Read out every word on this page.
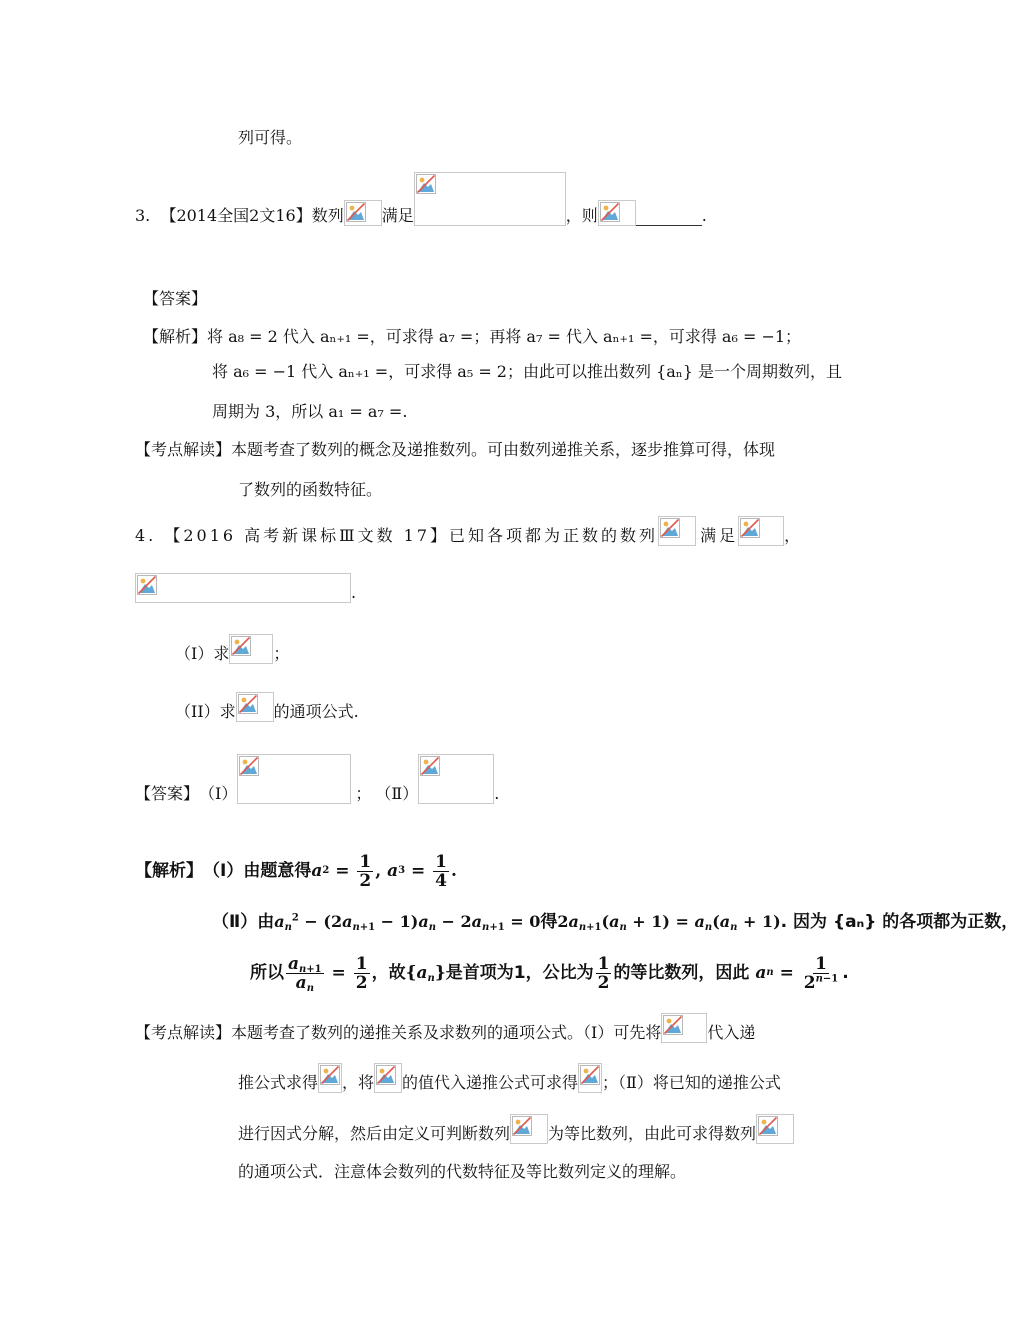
列可得。
3.
【2014全国2文16】 数列 满足	，则	.
【答案】
【解析】将 a₈ = 2 代入 aₙ₊₁ =，可求得 a₇ =；再将 a₇ = 代入 aₙ₊₁ =，可求得 a₆ = −1；
将 a₆ = −1 代入 aₙ₊₁ =，可求得 a₅ = 2；由此可以推出数列 {aₙ} 是一个周期数列，且
周期为 3，所以 a₁ = a₇ =.
【考点解读】本题考查了数列的概念及递推数列。可由数列递推关系，逐步推算可得，体现
了数列的函数特征。
4.
【2016 高考新课标Ⅲ文数 17】 已知各项都为正数的数列	满足	，
.
（I）求	；
（II）求 的通项公式.
【答案】 （Ⅰ）	； （Ⅱ）	.
【解析】 （Ⅰ）由题意得 a $2 = \frac{1}{2}$ , a $3 = \frac{1}{4}$ .
（Ⅱ）由 $a_n^2 - (2a_{n+1} - 1)a_n - 2a_{n+1} = 0$ 得 $2a_{n+1}(a_n + 1) = a_n(a_n + 1)$ . 因为 {aₙ} 的各项都为正数，
所以 $\frac{a_{n+1}}{a_n} = \frac{1}{2}$ ，故 $\{a_n\}$ 是首项为1，公比为 $\frac{1}{2}$ 的等比数列，因此
a $n = \frac{1}{2^{n-1}}$ .
【考点解读】 本题考查了数列的递推关系及求数列的通项公式。（Ⅰ）可先将	代入递
推公式求得 ，将 的值代入递推公式可求得 ；（Ⅱ）将已知的递推公式
进行因式分解，然后由定义可判断数列 为等比数列，由此可求得数列
的通项公式．注意体会数列的代数特征及等比数列定义的理解。
